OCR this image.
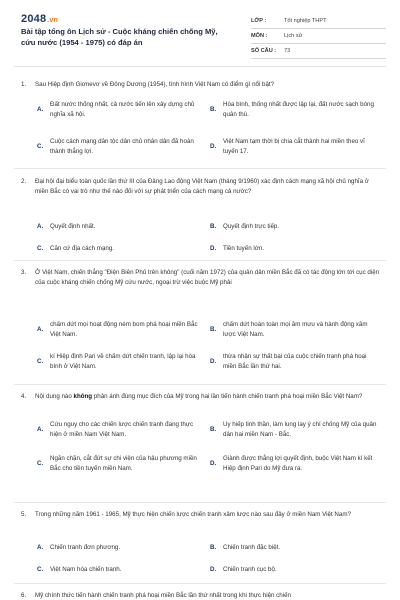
2048.vn
Bài tập tổng ôn Lịch sử - Cuộc kháng chiến chống Mỹ, cứu nước (1954 - 1975) có đáp án
LỚP :	Tốt nghiệp THPT
MÔN :	Lịch sử
SỐ CÂU :	73
1.	Sau Hiệp định Giơnevơ về Đông Dương (1954), tình hình Việt Nam có điểm gì nổi bật?
A.
Đất nước thống nhất, cả nước tiến lên xây dựng chủ nghĩa xã hội.
B.
Hòa bình, thống nhất được lập lại, đất nước sạch bóng quân thù.
C.
Cuộc cách mạng dân tộc dân chủ nhân dân đã hoàn thành thắng lợi.
D.
Việt Nam tạm thời bị chia cắt thành hai miền theo vĩ tuyến 17.
2.	Đại hội đại biểu toàn quốc lần thứ III của Đảng Lao động Việt Nam (tháng 9/1960) xác định cách mạng xã hội chủ nghĩa ở miền Bắc có vai trò như thế nào đối với sự phát triển của cách mạng cả nước?
A.	Quyết định nhất.	B.	Quyết định trực tiếp.
C.	Căn cứ địa cách mạng.	D.	Tiền tuyến lớn.
3.	Ở Việt Nam, chiến thắng "Điện Biên Phủ trên không" (cuối năm 1972) của quân dân miền Bắc đã có tác động lớn tới cục diện của cuộc kháng chiến chống Mỹ cứu nước, ngoại trừ việc buộc Mỹ phải
A.
chấm dứt mọi hoạt động ném bom phá hoại miền Bắc Việt Nam.
B.
chấm dứt hoàn toàn mọi âm mưu và hành động xâm lược Việt Nam.
C.
kí Hiệp định Pari về chấm dứt chiến tranh, lập lại hòa bình ở Việt Nam.
D.
thừa nhận sự thất bại của cuộc chiến tranh phá hoại miền Bắc lần thứ hai.
4.	Nội dung nào không phản ánh đúng mục đích của Mỹ trong hai lần tiến hành chiến tranh phá hoại miền Bắc Việt Nam?
A.
Cứu nguy cho các chiến lược chiến tranh đang thực hiện ở miền Nam Việt Nam.
B.
Uy hiếp tinh thần, làm lung lay ý chí chống Mỹ của quân dân hai miền Nam - Bắc.
C.
Ngăn chặn, cắt đứt sự chi viện của hậu phương miền Bắc cho tiền tuyến miền Nam.
D.
Giành được thắng lợi quyết định, buộc Việt Nam kí kết Hiệp định Pari do Mỹ đưa ra.
5.	Trong những năm 1961 - 1965, Mỹ thực hiện chiến lược chiến tranh xâm lược nào sau đây ở miền Nam Việt Nam?
A.	Chiến tranh đơn phương.	B.	Chiến tranh đặc biệt.
C.	Việt Nam hóa chiến tranh.	D.	Chiến tranh cục bộ.
6.	Mỹ chính thức tiến hành chiến tranh phá hoại miền Bắc lần thứ nhất trong khi thực hiện chiến
